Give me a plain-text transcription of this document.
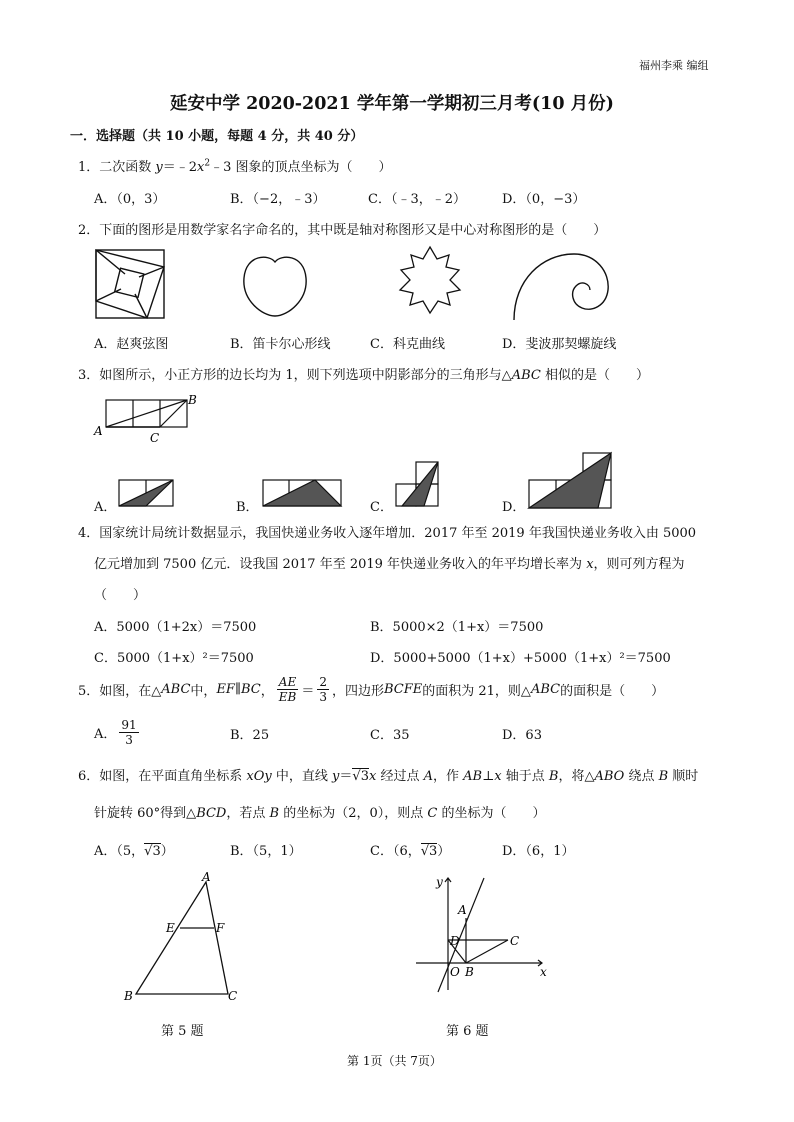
福州李乘 编组
延安中学 2020-2021 学年第一学期初三月考(10 月份)
一．选择题（共 10 小题，每题 4 分，共 40 分）
1．二次函数 $y=﹣2x^2﹣3$ 图象的顶点坐标为（　　）
A．（0，3）	B．（−2，﹣3）	C．（﹣3，﹣2）	D．（0，−3）
2．下面的图形是用数学家名字命名的，其中既是轴对称图形又是中心对称图形的是（　　）
A．赵爽弦图	B．笛卡尔心形线	C．科克曲线	D．斐波那契螺旋线
3．如图所示，小正方形的边长均为 1，则下列选项中阴影部分的三角形与△ABC 相似的是（　　）
B
A	C
A．	B．	C．	D．
4．国家统计局统计数据显示，我国快递业务收入逐年增加．2017 年至 2019 年我国快递业务收入由 5000
亿元增加到 7500 亿元．设我国 2017 年至 2019 年快递业务收入的年平均增长率为 x，则可列方程为
（　　）
A．5000（1+2x）＝7500	B．5000×2（1+x）＝7500
C．5000（1+x）²＝7500	D．5000+5000（1+x）+5000（1+x）²＝7500
5．如图，在△ ABC 中， EF ∥ BC ， $\frac{AE}{EB} = \frac{2}{3}$ ，四边形 BCFE 的面积为 21，则△ ABC 的面积是（　　）
A． $\frac{91}{3}$	B．25	C．35	D．63
6．如图，在平面直角坐标系 xOy 中，直线 y＝√3x 经过点 A，作 AB⊥x 轴于点 B，将△ABO 绕点 B 顺时
针旋转 60°得到△BCD，若点 B 的坐标为（2，0），则点 C 的坐标为（　　）
A．（5，√3）	B．（5，1）	C．（6，√3）	D．（6，1）
A
E	F
B	C
第 5 题
y
x
A
C
D
O B
第 6 题
第 1页（共 7页）
